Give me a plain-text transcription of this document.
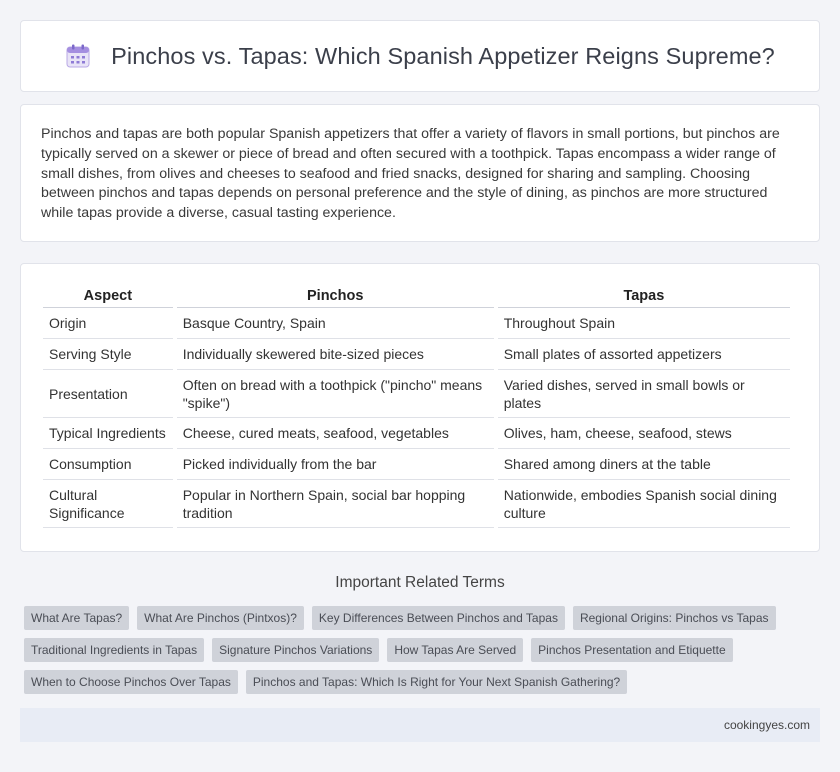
Pinchos vs. Tapas: Which Spanish Appetizer Reigns Supreme?

Pinchos and tapas are both popular Spanish appetizers that offer a variety of flavors in small portions, but pinchos are typically served on a skewer or piece of bread and often secured with a toothpick. Tapas encompass a wider range of small dishes, from olives and cheeses to seafood and fried snacks, designed for sharing and sampling. Choosing between pinchos and tapas depends on personal preference and the style of dining, as pinchos are more structured while tapas provide a diverse, casual tasting experience.

Aspect	Pinchos	Tapas
Origin	Basque Country, Spain	Throughout Spain
Serving Style	Individually skewered bite-sized pieces	Small plates of assorted appetizers
Presentation	Often on bread with a toothpick ("pincho" means "spike")	Varied dishes, served in small bowls or plates
Typical Ingredients	Cheese, cured meats, seafood, vegetables	Olives, ham, cheese, seafood, stews
Consumption	Picked individually from the bar	Shared among diners at the table
Cultural Significance	Popular in Northern Spain, social bar hopping tradition	Nationwide, embodies Spanish social dining culture
Important Related Terms
What Are Tapas?	What Are Pinchos (Pintxos)?	Key Differences Between Pinchos and Tapas	Regional Origins: Pinchos vs Tapas
Traditional Ingredients in Tapas	Signature Pinchos Variations	How Tapas Are Served	Pinchos Presentation and Etiquette
When to Choose Pinchos Over Tapas	Pinchos and Tapas: Which Is Right for Your Next Spanish Gathering?
cookingyes.com
